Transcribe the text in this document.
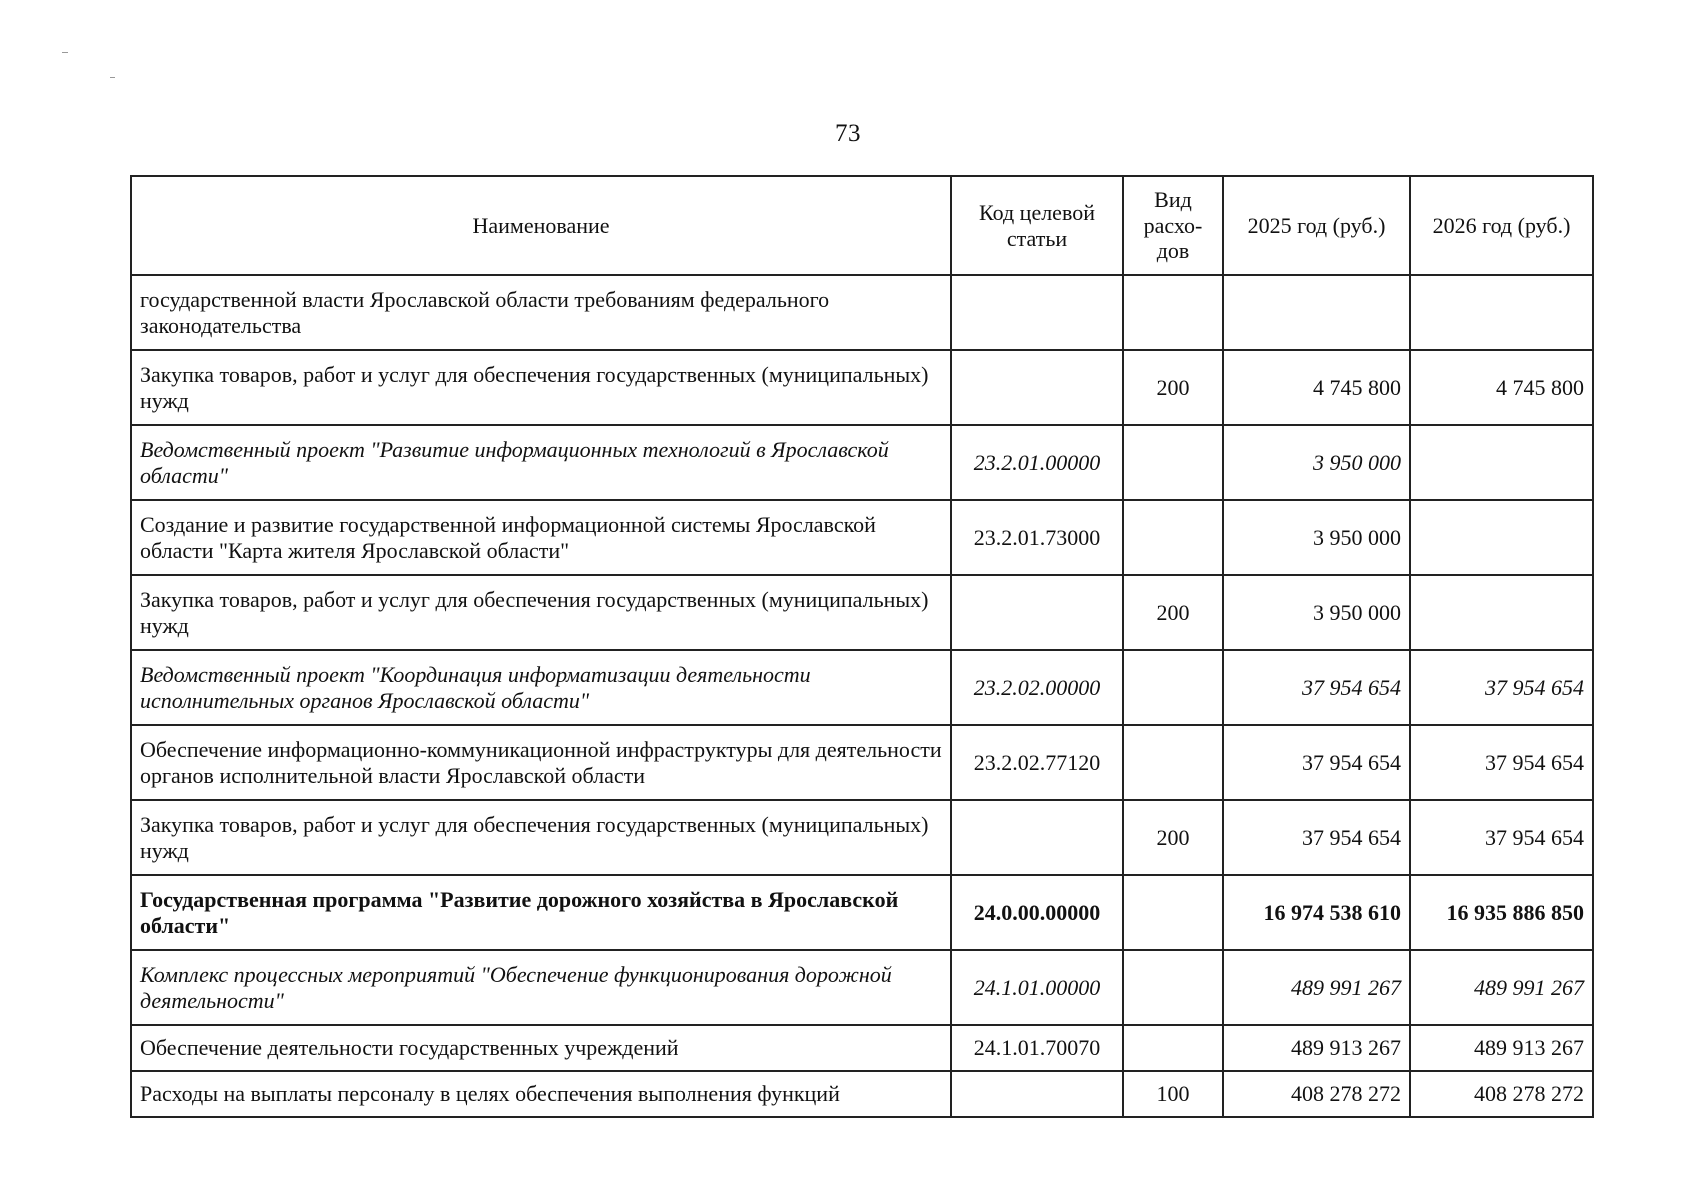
73
Наименование	Код целевой статьи	Вид расхо-дов	2025 год (руб.)	2026 год (руб.)
государственной власти Ярославской области требованиям федерального законодательства				
Закупка товаров, работ и услуг для обеспечения государственных (муниципальных) нужд		200	4 745 800	4 745 800
Ведомственный проект "Развитие информационных технологий в Ярославской области"	23.2.01.00000		3 950 000	
Создание и развитие государственной информационной системы Ярославской области "Карта жителя Ярославской области"	23.2.01.73000		3 950 000	
Закупка товаров, работ и услуг для обеспечения государственных (муниципальных) нужд		200	3 950 000	
Ведомственный проект "Координация информатизации деятельности исполнительных органов Ярославской области"	23.2.02.00000		37 954 654	37 954 654
Обеспечение информационно-коммуникационной инфраструктуры для деятельности органов исполнительной власти Ярославской области	23.2.02.77120		37 954 654	37 954 654
Закупка товаров, работ и услуг для обеспечения государственных (муниципальных) нужд		200	37 954 654	37 954 654
Государственная программа "Развитие дорожного хозяйства в Ярославской области"	24.0.00.00000		16 974 538 610	16 935 886 850
Комплекс процессных мероприятий "Обеспечение функционирования дорожной деятельности"	24.1.01.00000		489 991 267	489 991 267
Обеспечение деятельности государственных учреждений	24.1.01.70070		489 913 267	489 913 267
Расходы на выплаты персоналу в целях обеспечения выполнения функций		100	408 278 272	408 278 272
